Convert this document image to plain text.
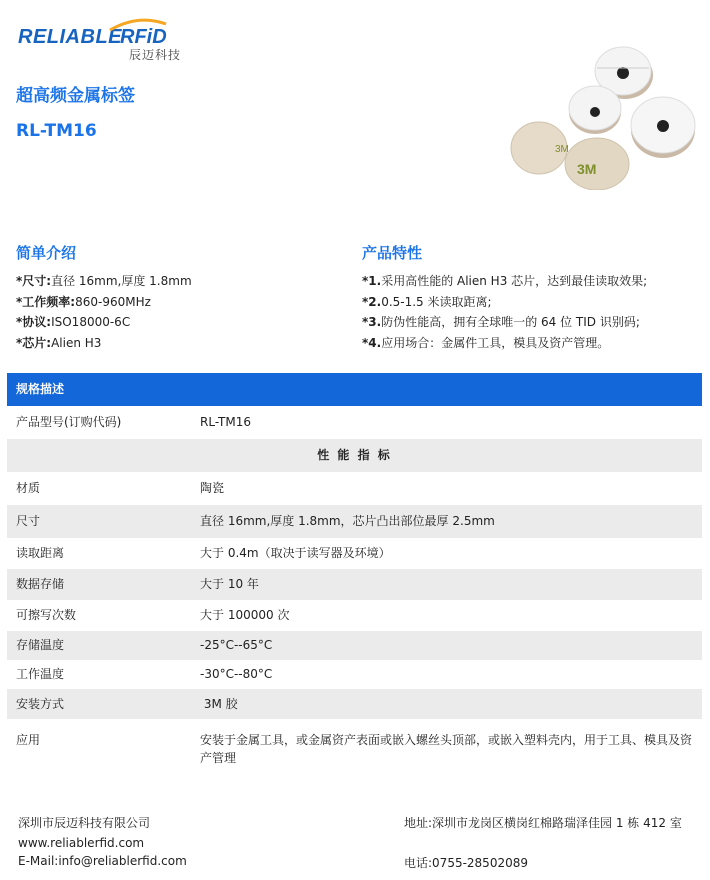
RELIABLE
RFiD
辰迈科技
超高频金属标签
RL-TM16
3M
3M
简单介绍	产品特性
*尺寸:直径 16mm,厚度 1.8mm
*工作频率:860-960MHz
*协议:ISO18000-6C
*芯片:Alien H3
*1.采用高性能的 Alien H3 芯片，达到最佳读取效果;
*2.0.5-1.5 米读取距离;
*3.防伪性能高，拥有全球唯一的 64 位 TID 识别码;
*4.应用场合：金属件工具，模具及资产管理。
规格描述
产品型号(订购代码)	RL-TM16
性 能 指 标
材质	陶瓷
尺寸	直径 16mm,厚度 1.8mm，芯片凸出部位最厚 2.5mm
读取距离	大于 0.4m（取决于读写器及环境）
数据存储	大于 10 年
可擦写次数	大于 100000 次
存储温度	-25°C--65°C
工作温度	-30°C--80°C
安装方式	3M 胶
应用	安装于金属工具，或金属资产表面或嵌入螺丝头顶部，或嵌入塑料壳内，用于工具、模具及资产管理
深圳市辰迈科技有限公司
www.reliablerfid.com
E-Mail:info@reliablerfid.com
地址:深圳市龙岗区横岗红棉路瑞泽佳园 1 栋 412 室
电话:0755-28502089
